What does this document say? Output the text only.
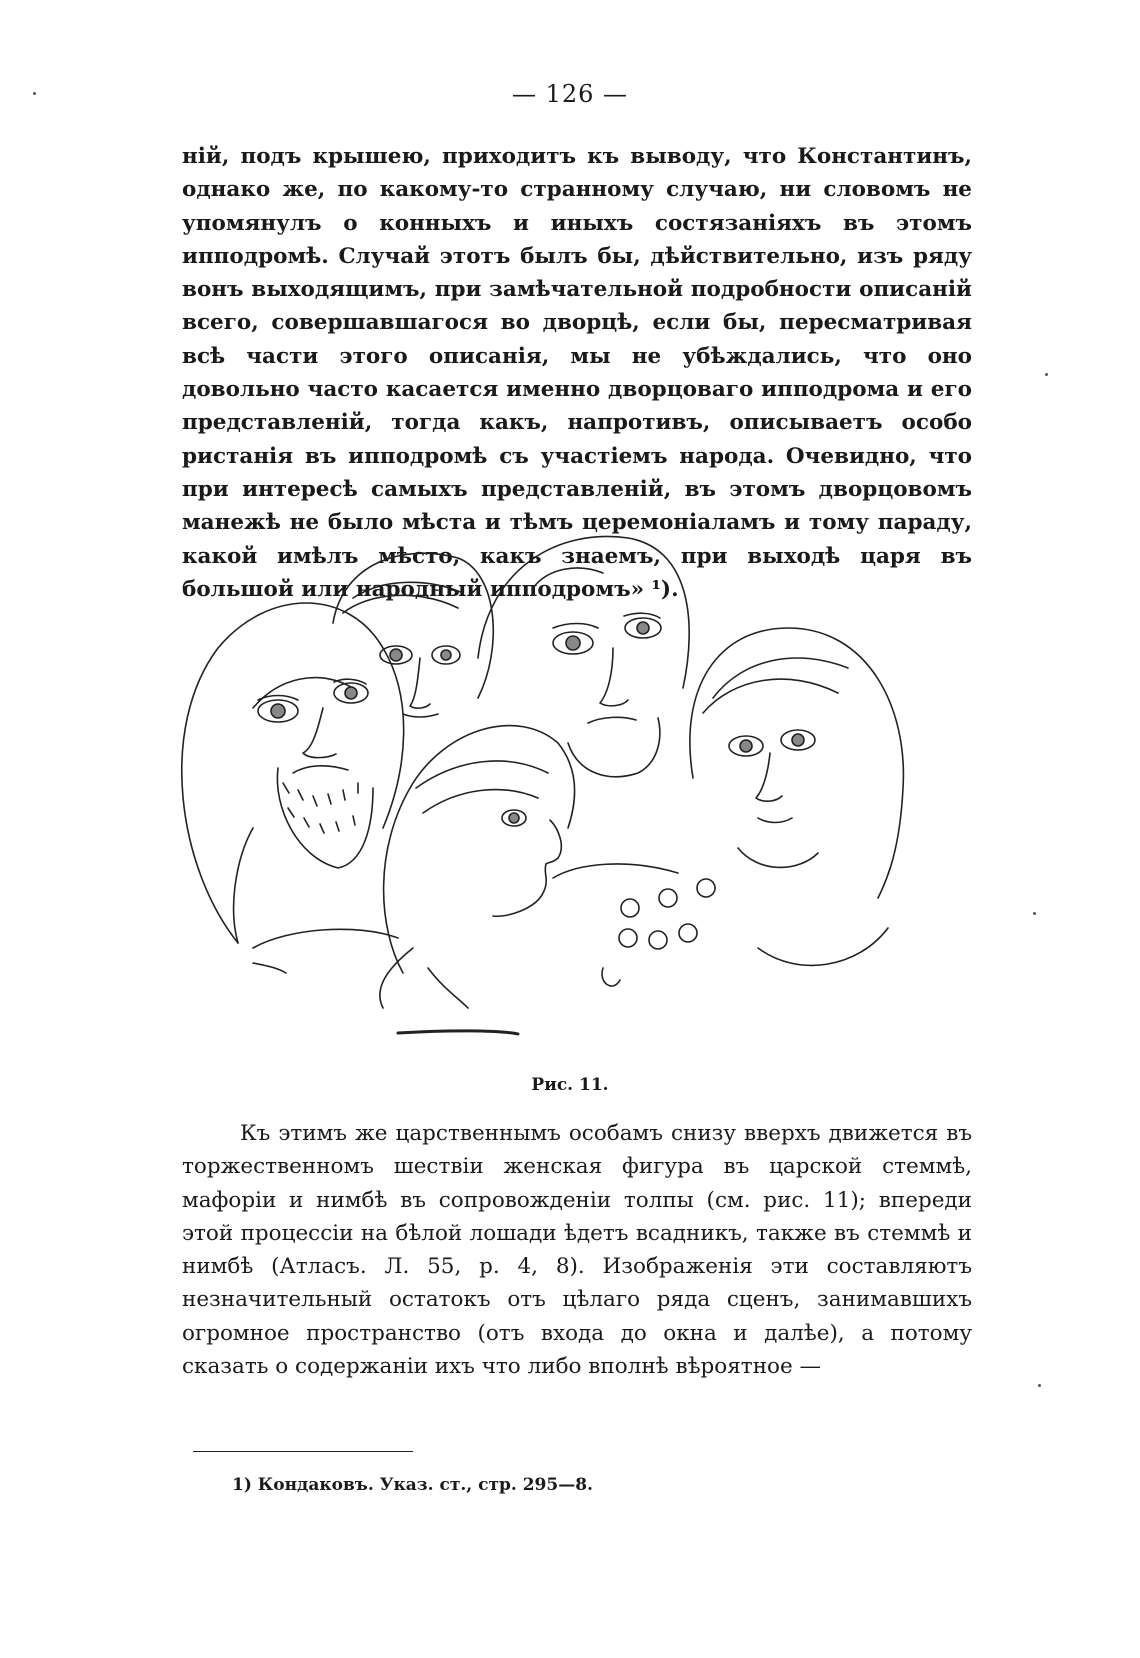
— 126 —
ній, подъ крышею, приходитъ къ выводу, что Константинъ, однако же, по какому-то странному случаю, ни словомъ не упомянулъ о конныхъ и иныхъ состязаніяхъ въ этомъ ипподромѣ. Случай этотъ былъ бы, дѣйствительно, изъ ряду вонъ выходящимъ, при замѣчательной подробности описаній всего, совершавшагося во дворцѣ, если бы, пересматривая всѣ части этого описанія, мы не убѣждались, что оно довольно часто касается именно дворцоваго ипподрома и его представленій, тогда какъ, напротивъ, описываетъ особо ристанія въ ипподромѣ съ участіемъ народа. Очевидно, что при интересѣ самыхъ представленій, въ этомъ дворцовомъ манежѣ не было мѣста и тѣмъ церемоніаламъ и тому параду, какой имѣлъ мѣсто, какъ знаемъ, при выходѣ царя въ большой или народный ипподромъ» ¹).
Рис. 11.
Къ этимъ же царственнымъ особамъ снизу вверхъ движется въ торжественномъ шествіи женская фигура въ царской стеммѣ, мафоріи и нимбѣ въ сопровожденіи толпы (см. рис. 11); впереди этой процессіи на бѣлой лошади ѣдетъ всадникъ, также въ стеммѣ и нимбѣ (Атласъ. Л. 55, р. 4, 8). Изображенія эти составляютъ незначительный остатокъ отъ цѣлаго ряда сценъ, занимавшихъ огромное пространство (отъ входа до окна и далѣе), а потому сказать о содержаніи ихъ что либо вполнѣ вѣроятное —
1) Кондаковъ. Указ. ст., стр. 295—8.
